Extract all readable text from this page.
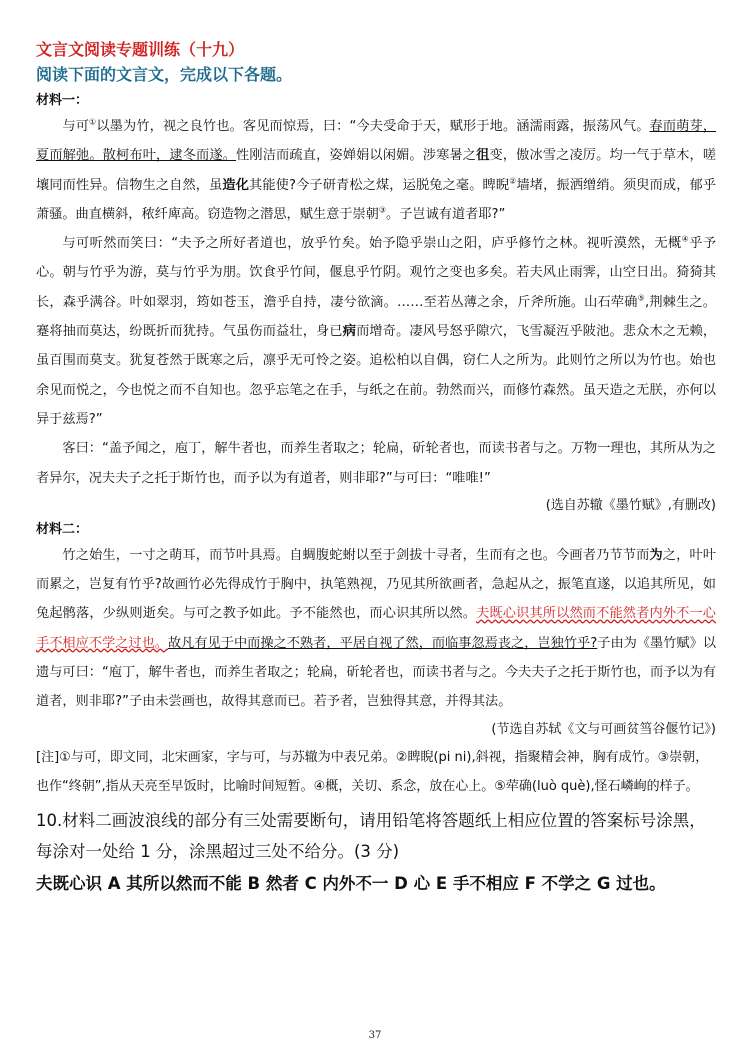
文言文阅读专题训练（十九）

阅读下面的文言文，完成以下各题。

材料一：

与可①以墨为竹，视之良竹也。客见而惊焉，曰：“今夫受命于天，赋形于地。涵濡雨露，振荡风气。春而萌芽，夏而解弛。散柯布叶，逮冬而遂。性刚洁而疏直，姿婵娟以闲媚。涉寒暑之徂变，傲冰雪之凌厉。均一气于草木，嗟壤同而性异。信物生之自然，虽造化其能使?今子研青松之煤，运脱兔之毫。睥睨②墙堵，振洒缯绡。须臾而成，郁乎萧骚。曲直横斜，秾纤庳高。窃造物之潜思，赋生意于崇朝③。子岂诚有道者耶?”

与可听然而笑曰：“夫予之所好者道也，放乎竹矣。始予隐乎崇山之阳，庐乎修竹之林。视听漠然，无概④乎予心。朝与竹乎为游，莫与竹乎为朋。饮食乎竹间，偃息乎竹阴。观竹之变也多矣。若夫风止雨霁，山空日出。猗猗其长，森乎满谷。叶如翠羽，筠如苍玉，澹乎自持，凄兮欲滴。……至若丛薄之余，斤斧所施。山石荦确⑤,荆棘生之。蹇将抽而莫达，纷既折而犹持。气虽伤而益壮，身已病而增奇。凄风号怒乎隙穴，飞雪凝沍乎陂池。悲众木之无赖，虽百围而莫支。犹复苍然于既寒之后，凛乎无可怜之姿。追松柏以自偶，窃仁人之所为。此则竹之所以为竹也。始也余见而悦之，今也悦之而不自知也。忽乎忘笔之在手，与纸之在前。勃然而兴，而修竹森然。虽天造之无朕，亦何以异于兹焉?”

客曰：“盖予闻之，庖丁，解牛者也，而养生者取之；轮扁，斫轮者也，而读书者与之。万物一理也，其所从为之者异尔，况夫夫子之托于斯竹也，而予以为有道者，则非耶?”与可曰：“唯唯!”

(选自苏辙《墨竹赋》,有删改)

材料二：

竹之始生，一寸之萌耳，而节叶具焉。自蜩腹蛇蚹以至于剑拔十寻者，生而有之也。今画者乃节节而为之，叶叶而累之，岂复有竹乎?故画竹必先得成竹于胸中，执笔熟视，乃见其所欲画者，急起从之，振笔直遂，以追其所见，如兔起鹘落，少纵则逝矣。与可之教予如此。予不能然也，而心识其所以然。夫既心识其所以然而不能然者内外不一心手不相应不学之过也。故凡有见于中而操之不熟者，平居自视了然，而临事忽焉丧之，岂独竹乎?子由为《墨竹赋》以遗与可曰：“庖丁，解牛者也，而养生者取之；轮扁，斫轮者也，而读书者与之。今夫夫子之托于斯竹也，而予以为有道者，则非耶?”子由未尝画也，故得其意而已。若予者，岂独得其意，并得其法。

(节选自苏轼《文与可画贫筜谷偃竹记》)

[注]①与可，即文同，北宋画家，字与可，与苏辙为中表兄弟。②睥睨(pi ni),斜视，指聚精会神，胸有成竹。③崇朝，也作“终朝”,指从天亮至早饭时，比喻时间短暂。④概，关切、系念，放在心上。⑤荦确(luò què),怪石嶙峋的样子。

10.材料二画波浪线的部分有三处需要断句，请用铅笔将答题纸上相应位置的答案标号涂黑，每涂对一处给 1 分，涂黑超过三处不给分。(3 分)

夫既心识 A 其所以然而不能 B 然者 C 内外不一 D 心 E 手不相应 F 不学之 G 过也。

37
